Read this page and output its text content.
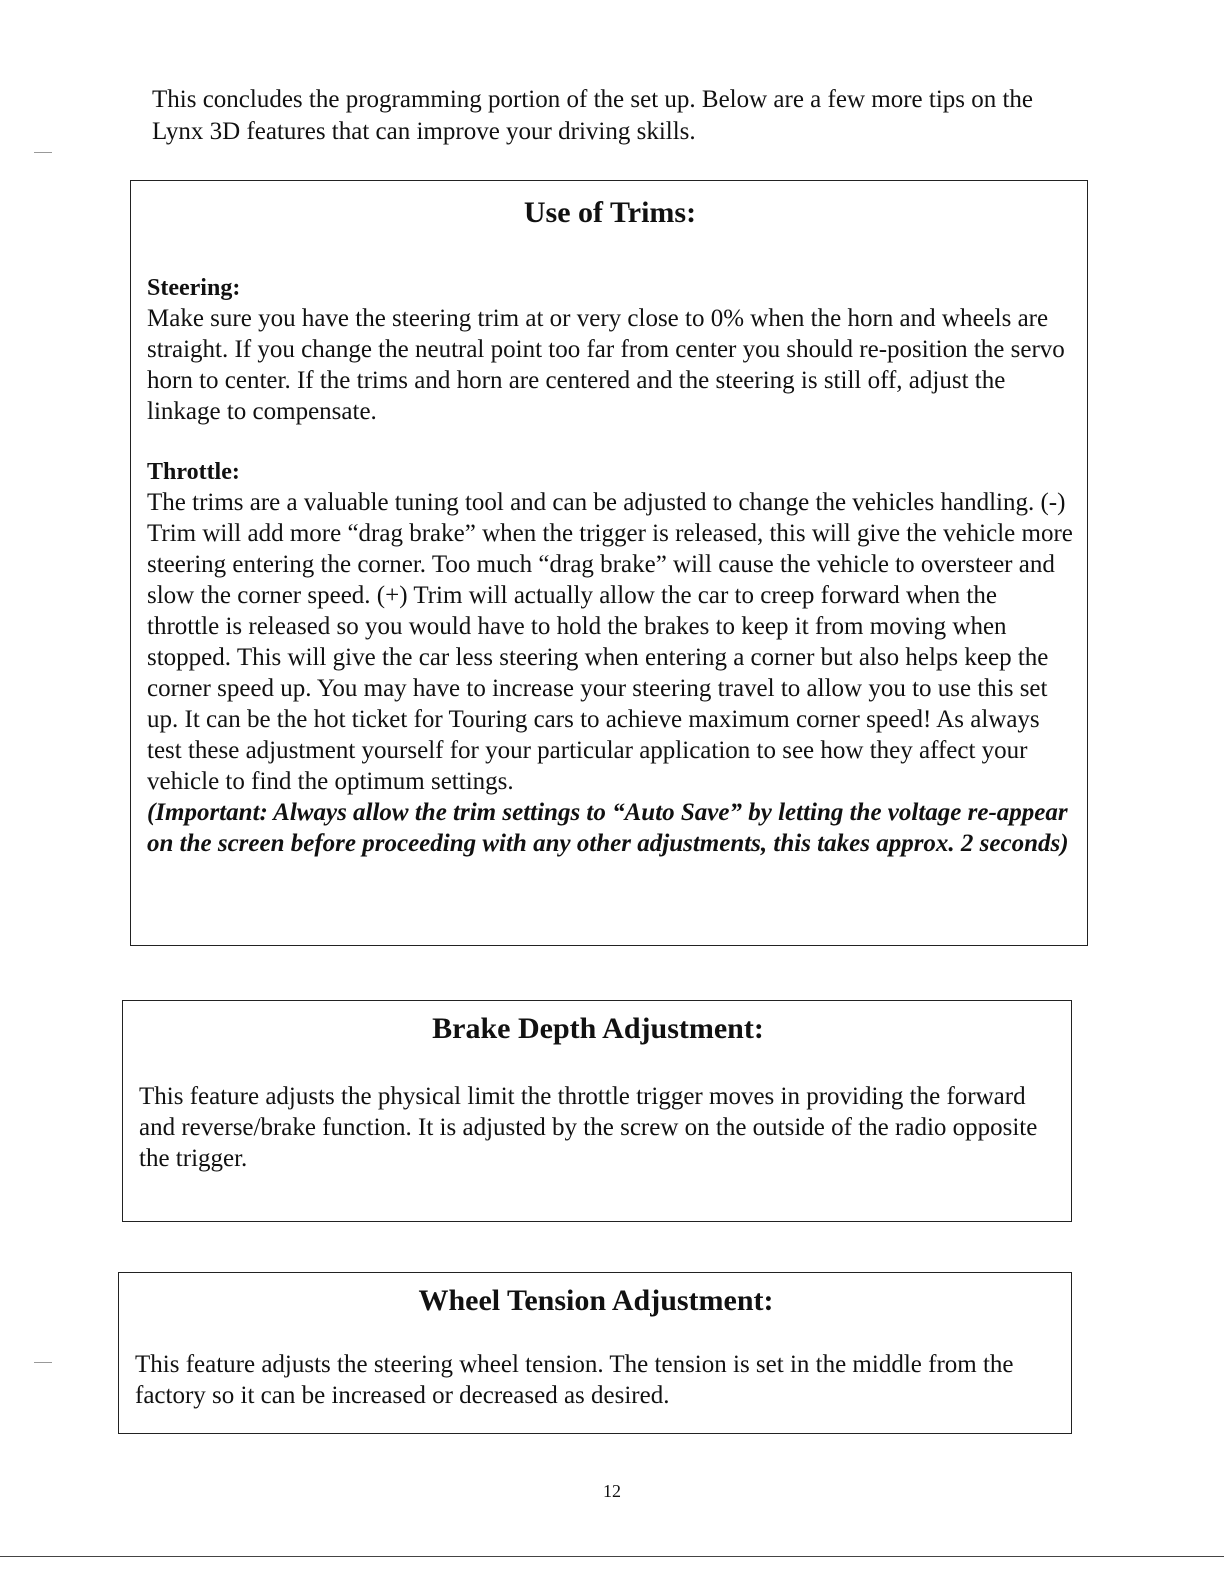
This concludes the programming portion of the set up. Below are a few more tips on the Lynx 3D features that can improve your driving skills.

Use of Trims:
Steering:

Make sure you have the steering trim at or very close to 0% when the horn and wheels are straight. If you change the neutral point too far from center you should re-position the servo horn to center. If the trims and horn are centered and the steering is still off, adjust the linkage to compensate.

Throttle:

The trims are a valuable tuning tool and can be adjusted to change the vehicles handling. (-) Trim will add more “drag brake” when the trigger is released, this will give the vehicle more steering entering the corner. Too much “drag brake” will cause the vehicle to oversteer and slow the corner speed. (+) Trim will actually allow the car to creep forward when the throttle is released so you would have to hold the brakes to keep it from moving when stopped. This will give the car less steering when entering a corner but also helps keep the corner speed up. You may have to increase your steering travel to allow you to use this set up. It can be the hot ticket for Touring cars to achieve maximum corner speed! As always test these adjustment yourself for your particular application to see how they affect your vehicle to find the optimum settings.

(Important: Always allow the trim settings to “Auto Save” by letting the voltage re-appear on the screen before proceeding with any other adjustments, this takes approx. 2 seconds)

Brake Depth Adjustment:

This feature adjusts the physical limit the throttle trigger moves in providing the forward and reverse/brake function. It is adjusted by the screw on the outside of the radio opposite the trigger.

Wheel Tension Adjustment:

This feature adjusts the steering wheel tension. The tension is set in the middle from the factory so it can be increased or decreased as desired.

12
